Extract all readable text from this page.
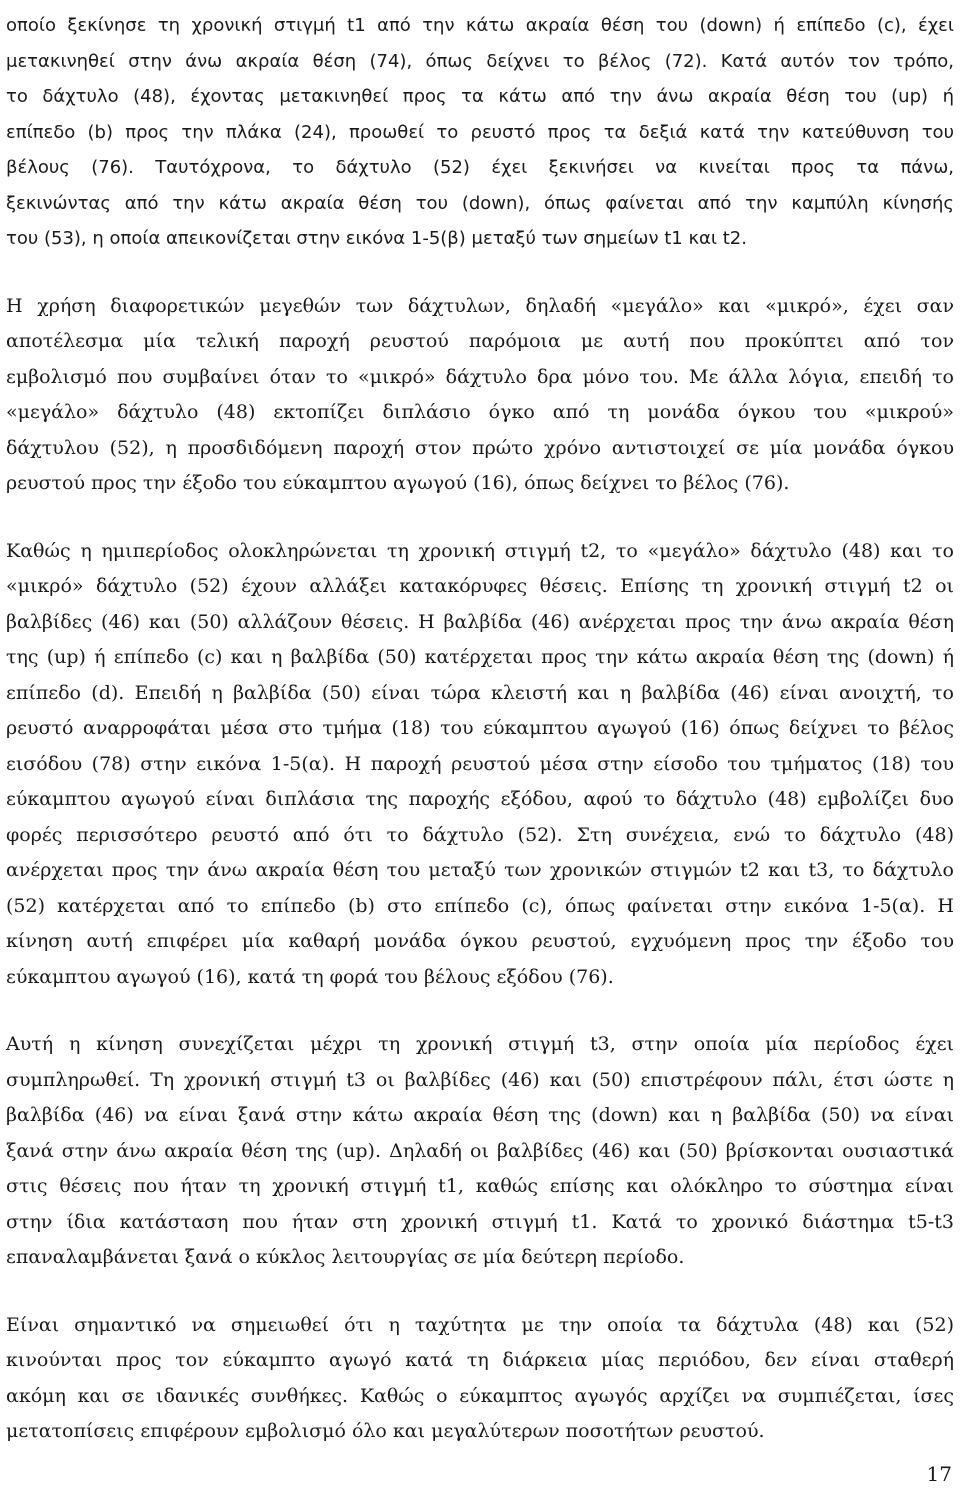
οποίο ξεκίνησε τη χρονική στιγμή t1 από την κάτω ακραία θέση του (down) ή επίπεδο (c), έχει
μετακινηθεί στην άνω ακραία θέση (74), όπως δείχνει το βέλος (72). Κατά αυτόν τον τρόπο,
το δάχτυλο (48), έχοντας μετακινηθεί προς τα κάτω από την άνω ακραία θέση του (up) ή
επίπεδο (b) προς την πλάκα (24), προωθεί το ρευστό προς τα δεξιά κατά την κατεύθυνση του
βέλους (76). Ταυτόχρονα, το δάχτυλο (52) έχει ξεκινήσει να κινείται προς τα πάνω,
ξεκινώντας από την κάτω ακραία θέση του (down), όπως φαίνεται από την καμπύλη κίνησής
του (53), η οποία απεικονίζεται στην εικόνα 1-5(β) μεταξύ των σημείων t1 και t2.

Η χρήση διαφορετικών μεγεθών των δάχτυλων, δηλαδή «μεγάλο» και «μικρό», έχει σαν
αποτέλεσμα μία τελική παροχή ρευστού παρόμοια με αυτή που προκύπτει από τον
εμβολισμό που συμβαίνει όταν το «μικρό» δάχτυλο δρα μόνο του. Με άλλα λόγια, επειδή το
«μεγάλο» δάχτυλο (48) εκτοπίζει διπλάσιο όγκο από τη μονάδα όγκου του «μικρού»
δάχτυλου (52), η προσδιδόμενη παροχή στον πρώτο χρόνο αντιστοιχεί σε μία μονάδα όγκου
ρευστού προς την έξοδο του εύκαμπτου αγωγού (16), όπως δείχνει το βέλος (76).

Καθώς η ημιπερίοδος ολοκληρώνεται τη χρονική στιγμή t2, το «μεγάλο» δάχτυλο (48) και το
«μικρό» δάχτυλο (52) έχουν αλλάξει κατακόρυφες θέσεις. Επίσης τη χρονική στιγμή t2 οι
βαλβίδες (46) και (50) αλλάζουν θέσεις. Η βαλβίδα (46) ανέρχεται προς την άνω ακραία θέση
της (up) ή επίπεδο (c) και η βαλβίδα (50) κατέρχεται προς την κάτω ακραία θέση της (down) ή
επίπεδο (d). Επειδή η βαλβίδα (50) είναι τώρα κλειστή και η βαλβίδα (46) είναι ανοιχτή, το
ρευστό αναρροφάται μέσα στο τμήμα (18) του εύκαμπτου αγωγού (16) όπως δείχνει το βέλος
εισόδου (78) στην εικόνα 1-5(α). Η παροχή ρευστού μέσα στην είσοδο του τμήματος (18) του
εύκαμπτου αγωγού είναι διπλάσια της παροχής εξόδου, αφού το δάχτυλο (48) εμβολίζει δυο
φορές περισσότερο ρευστό από ότι το δάχτυλο (52). Στη συνέχεια, ενώ το δάχτυλο (48)
ανέρχεται προς την άνω ακραία θέση του μεταξύ των χρονικών στιγμών t2 και t3, το δάχτυλο
(52) κατέρχεται από το επίπεδο (b) στο επίπεδο (c), όπως φαίνεται στην εικόνα 1-5(α). Η
κίνηση αυτή επιφέρει μία καθαρή μονάδα όγκου ρευστού, εγχυόμενη προς την έξοδο του
εύκαμπτου αγωγού (16), κατά τη φορά του βέλους εξόδου (76).

Αυτή η κίνηση συνεχίζεται μέχρι τη χρονική στιγμή t3, στην οποία μία περίοδος έχει
συμπληρωθεί. Τη χρονική στιγμή t3 οι βαλβίδες (46) και (50) επιστρέφουν πάλι, έτσι ώστε η
βαλβίδα (46) να είναι ξανά στην κάτω ακραία θέση της (down) και η βαλβίδα (50) να είναι
ξανά στην άνω ακραία θέση της (up). Δηλαδή οι βαλβίδες (46) και (50) βρίσκονται ουσιαστικά
στις θέσεις που ήταν τη χρονική στιγμή t1, καθώς επίσης και ολόκληρο το σύστημα είναι
στην ίδια κατάσταση που ήταν στη χρονική στιγμή t1. Κατά το χρονικό διάστημα t5-t3
επαναλαμβάνεται ξανά ο κύκλος λειτουργίας σε μία δεύτερη περίοδο.

Είναι σημαντικό να σημειωθεί ότι η ταχύτητα με την οποία τα δάχτυλα (48) και (52)
κινούνται προς τον εύκαμπτο αγωγό κατά τη διάρκεια μίας περιόδου, δεν είναι σταθερή
ακόμη και σε ιδανικές συνθήκες. Καθώς ο εύκαμπτος αγωγός αρχίζει να συμπιέζεται, ίσες
μετατοπίσεις επιφέρουν εμβολισμό όλο και μεγαλύτερων ποσοτήτων ρευστού.

17
